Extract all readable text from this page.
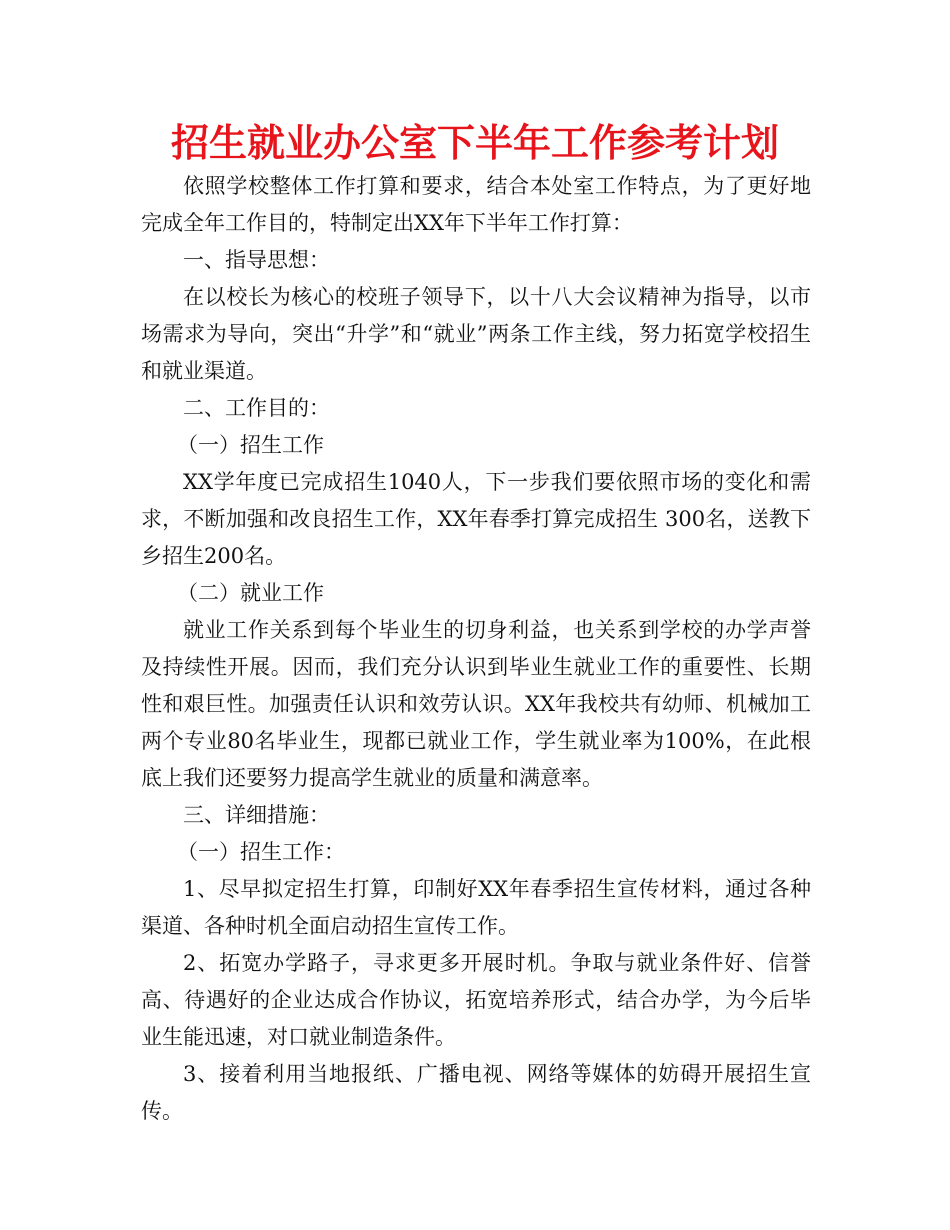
招生就业办公室下半年工作参考计划

依照学校整体工作打算和要求，结合本处室工作特点，为了更好地完成全年工作目的，特制定出XX年下半年工作打算：

一、指导思想：

在以校长为核心的校班子领导下，以十八大会议精神为指导，以市场需求为导向，突出“升学”和“就业”两条工作主线，努力拓宽学校招生和就业渠道。

二、工作目的：

（一）招生工作

XX学年度已完成招生1040人，下一步我们要依照市场的变化和需求，不断加强和改良招生工作，XX年春季打算完成招生 300名，送教下乡招生200名。

（二）就业工作

就业工作关系到每个毕业生的切身利益，也关系到学校的办学声誉及持续性开展。因而，我们充分认识到毕业生就业工作的重要性、长期性和艰巨性。加强责任认识和效劳认识。XX年我校共有幼师、机械加工两个专业80名毕业生，现都已就业工作，学生就业率为100%，在此根底上我们还要努力提高学生就业的质量和满意率。

三、详细措施：

（一）招生工作：

1、尽早拟定招生打算，印制好XX年春季招生宣传材料，通过各种渠道、各种时机全面启动招生宣传工作。

2、拓宽办学路子，寻求更多开展时机。争取与就业条件好、信誉高、待遇好的企业达成合作协议，拓宽培养形式，结合办学，为今后毕业生能迅速，对口就业制造条件。

3、接着利用当地报纸、广播电视、网络等媒体的妨碍开展招生宣传。
